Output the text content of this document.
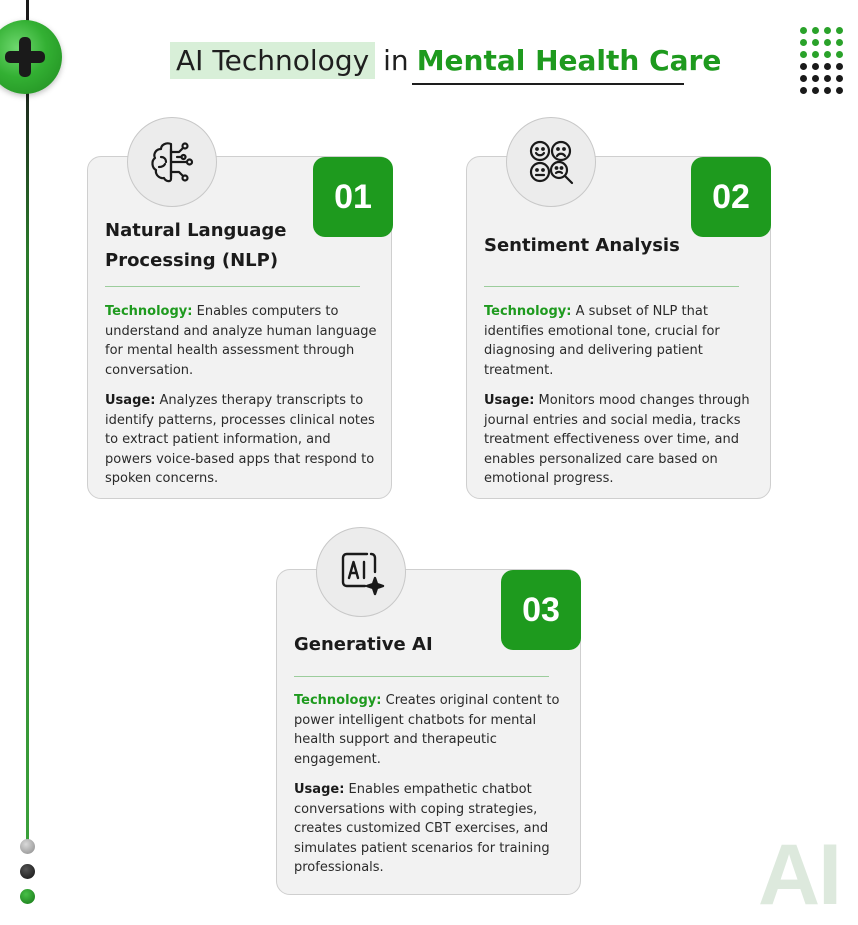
AI Technology in Mental Health Care
01
Natural Language Processing (NLP)

Technology: Enables computers to understand and analyze human language for mental health assessment through conversation.

Usage: Analyzes therapy transcripts to identify patterns, processes clinical notes to extract patient information, and powers voice-based apps that respond to spoken concerns.

02
Sentiment Analysis

Technology: A subset of NLP that identifies emotional tone, crucial for diagnosing and delivering patient treatment.

Usage: Monitors mood changes through journal entries and social media, tracks treatment effectiveness over time, and enables personalized care based on emotional progress.

03
Generative AI

Technology: Creates original content to power intelligent chatbots for mental health support and therapeutic engagement.

Usage: Enables empathetic chatbot conversations with coping strategies, creates customized CBT exercises, and simulates patient scenarios for training professionals.	AI
